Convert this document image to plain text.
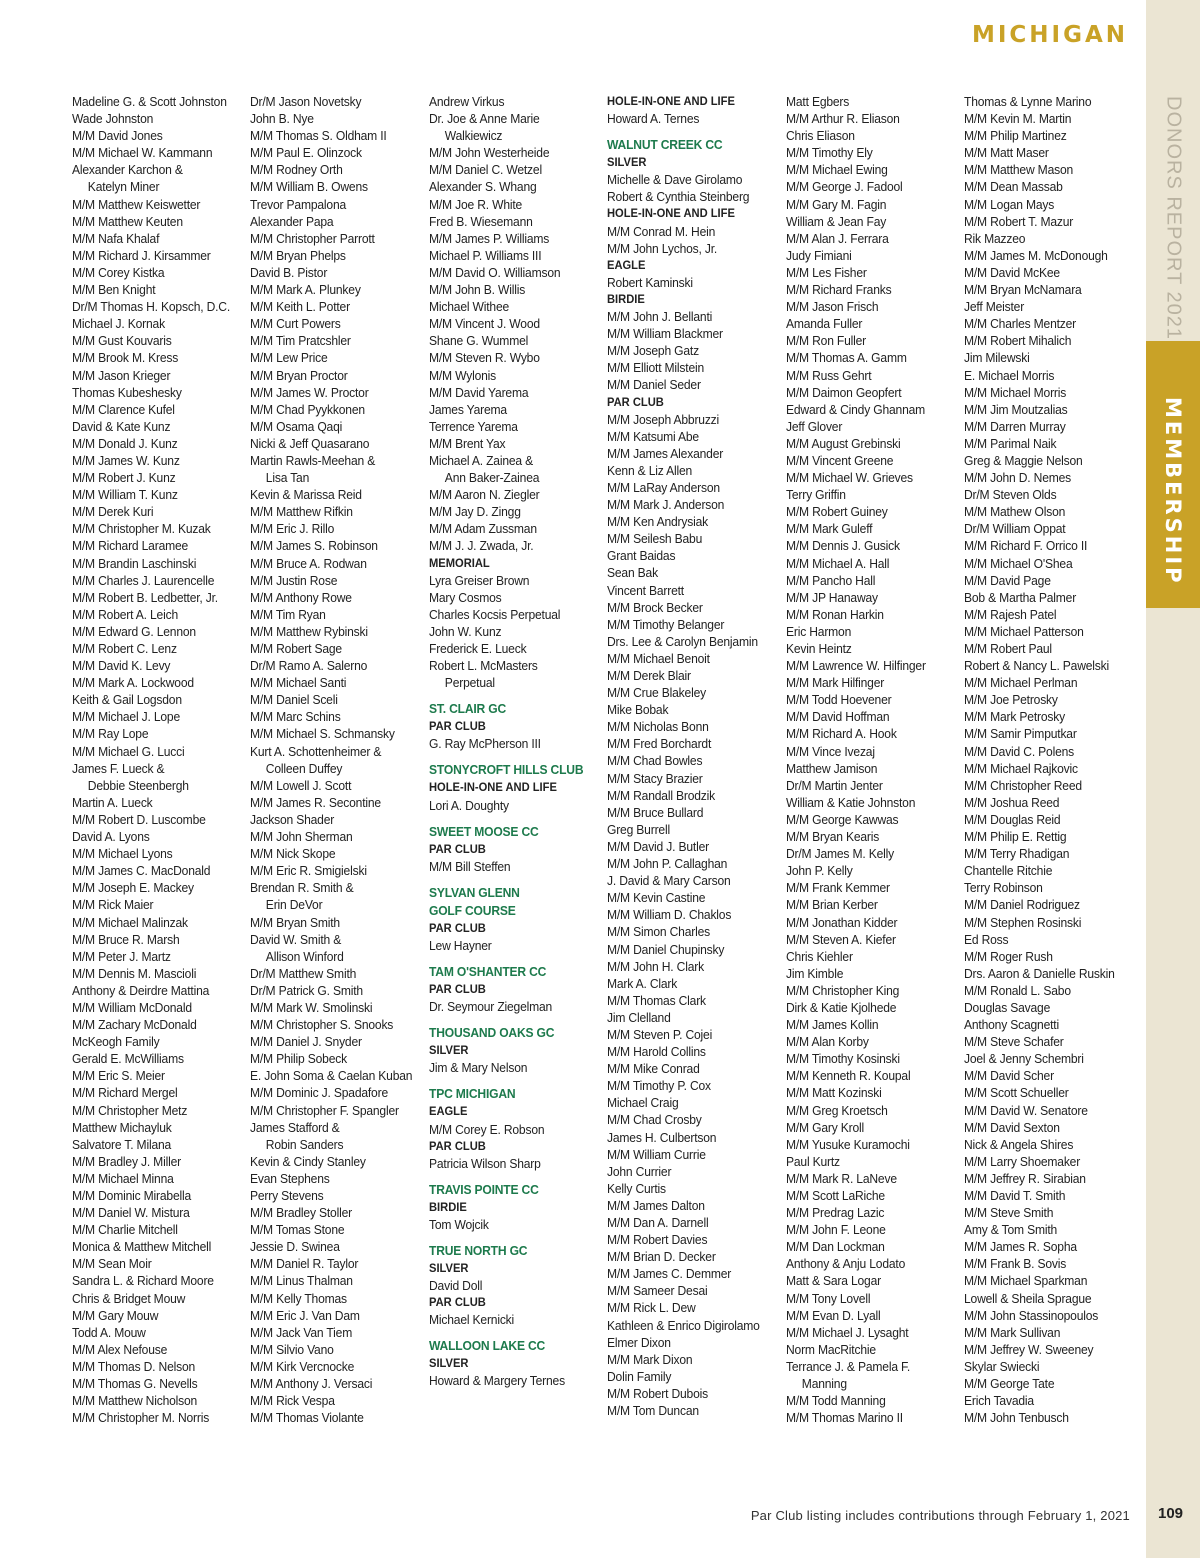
MICHIGAN
DONORS REPORT 2021
MEMBERSHIP
Madeline G. & Scott Johnston
Wade Johnston
M/M David Jones
M/M Michael W. Kammann
Alexander Karchon &
Katelyn Miner
M/M Matthew Keiswetter
M/M Matthew Keuten
M/M Nafa Khalaf
M/M Richard J. Kirsammer
M/M Corey Kistka
M/M Ben Knight
Dr/M Thomas H. Kopsch, D.C.
Michael J. Kornak
M/M Gust Kouvaris
M/M Brook M. Kress
M/M Jason Krieger
Thomas Kubeshesky
M/M Clarence Kufel
David & Kate Kunz
M/M Donald J. Kunz
M/M James W. Kunz
M/M Robert J. Kunz
M/M William T. Kunz
M/M Derek Kuri
M/M Christopher M. Kuzak
M/M Richard Laramee
M/M Brandin Laschinski
M/M Charles J. Laurencelle
M/M Robert B. Ledbetter, Jr.
M/M Robert A. Leich
M/M Edward G. Lennon
M/M Robert C. Lenz
M/M David K. Levy
M/M Mark A. Lockwood
Keith & Gail Logsdon
M/M Michael J. Lope
M/M Ray Lope
M/M Michael G. Lucci
James F. Lueck &
Debbie Steenbergh
Martin A. Lueck
M/M Robert D. Luscombe
David A. Lyons
M/M Michael Lyons
M/M James C. MacDonald
M/M Joseph E. Mackey
M/M Rick Maier
M/M Michael Malinzak
M/M Bruce R. Marsh
M/M Peter J. Martz
M/M Dennis M. Mascioli
Anthony & Deirdre Mattina
M/M William McDonald
M/M Zachary McDonald
McKeogh Family
Gerald E. McWilliams
M/M Eric S. Meier
M/M Richard Mergel
M/M Christopher Metz
Matthew Michayluk
Salvatore T. Milana
M/M Bradley J. Miller
M/M Michael Minna
M/M Dominic Mirabella
M/M Daniel W. Mistura
M/M Charlie Mitchell
Monica & Matthew Mitchell
M/M Sean Moir
Sandra L. & Richard Moore
Chris & Bridget Mouw
M/M Gary Mouw
Todd A. Mouw
M/M Alex Nefouse
M/M Thomas D. Nelson
M/M Thomas G. Nevells
M/M Matthew Nicholson
M/M Christopher M. Norris
Dr/M Jason Novetsky
John B. Nye
M/M Thomas S. Oldham II
M/M Paul E. Olinzock
M/M Rodney Orth
M/M William B. Owens
Trevor Pampalona
Alexander Papa
M/M Christopher Parrott
M/M Bryan Phelps
David B. Pistor
M/M Mark A. Plunkey
M/M Keith L. Potter
M/M Curt Powers
M/M Tim Pratcshler
M/M Lew Price
M/M Bryan Proctor
M/M James W. Proctor
M/M Chad Pyykkonen
M/M Osama Qaqi
Nicki & Jeff Quasarano
Martin Rawls-Meehan &
Lisa Tan
Kevin & Marissa Reid
M/M Matthew Rifkin
M/M Eric J. Rillo
M/M James S. Robinson
M/M Bruce A. Rodwan
M/M Justin Rose
M/M Anthony Rowe
M/M Tim Ryan
M/M Matthew Rybinski
M/M Robert Sage
Dr/M Ramo A. Salerno
M/M Michael Santi
M/M Daniel Sceli
M/M Marc Schins
M/M Michael S. Schmansky
Kurt A. Schottenheimer &
Colleen Duffey
M/M Lowell J. Scott
M/M James R. Secontine
Jackson Shader
M/M John Sherman
M/M Nick Skope
M/M Eric R. Smigielski
Brendan R. Smith &
Erin DeVor
M/M Bryan Smith
David W. Smith &
Allison Winford
Dr/M Matthew Smith
Dr/M Patrick G. Smith
M/M Mark W. Smolinski
M/M Christopher S. Snooks
M/M Daniel J. Snyder
M/M Philip Sobeck
E. John Soma & Caelan Kuban
M/M Dominic J. Spadafore
M/M Christopher F. Spangler
James Stafford &
Robin Sanders
Kevin & Cindy Stanley
Evan Stephens
Perry Stevens
M/M Bradley Stoller
M/M Tomas Stone
Jessie D. Swinea
M/M Daniel R. Taylor
M/M Linus Thalman
M/M Kelly Thomas
M/M Eric J. Van Dam
M/M Jack Van Tiem
M/M Silvio Vano
M/M Kirk Vercnocke
M/M Anthony J. Versaci
M/M Rick Vespa
M/M Thomas Violante
Andrew Virkus
Dr. Joe & Anne Marie
Walkiewicz
M/M John Westerheide
M/M Daniel C. Wetzel
Alexander S. Whang
M/M Joe R. White
Fred B. Wiesemann
M/M James P. Williams
Michael P. Williams III
M/M David O. Williamson
M/M John B. Willis
Michael Withee
M/M Vincent J. Wood
Shane G. Wummel
M/M Steven R. Wybo
M/M Wylonis
M/M David Yarema
James Yarema
Terrence Yarema
M/M Brent Yax
Michael A. Zainea &
Ann Baker-Zainea
M/M Aaron N. Ziegler
M/M Jay D. Zingg
M/M Adam Zussman
M/M J. J. Zwada, Jr.
MEMORIAL
Lyra Greiser Brown
Mary Cosmos
Charles Kocsis Perpetual
John W. Kunz
Frederick E. Lueck
Robert L. McMasters
Perpetual
ST. CLAIR GC
PAR CLUB
G. Ray McPherson III
STONYCROFT HILLS CLUB
HOLE-IN-ONE AND LIFE
Lori A. Doughty
SWEET MOOSE CC
PAR CLUB
M/M Bill Steffen
SYLVAN GLENN
GOLF COURSE
PAR CLUB
Lew Hayner
TAM O'SHANTER CC
PAR CLUB
Dr. Seymour Ziegelman
THOUSAND OAKS GC
SILVER
Jim & Mary Nelson
TPC MICHIGAN
EAGLE
M/M Corey E. Robson
PAR CLUB
Patricia Wilson Sharp
TRAVIS POINTE CC
BIRDIE
Tom Wojcik
TRUE NORTH GC
SILVER
David Doll
PAR CLUB
Michael Kernicki
WALLOON LAKE CC
SILVER
Howard & Margery Ternes
HOLE-IN-ONE AND LIFE
Howard A. Ternes
WALNUT CREEK CC
SILVER
Michelle & Dave Girolamo
Robert & Cynthia Steinberg
HOLE-IN-ONE AND LIFE
M/M Conrad M. Hein
M/M John Lychos, Jr.
EAGLE
Robert Kaminski
BIRDIE
M/M John J. Bellanti
M/M William Blackmer
M/M Joseph Gatz
M/M Elliott Milstein
M/M Daniel Seder
PAR CLUB
M/M Joseph Abbruzzi
M/M Katsumi Abe
M/M James Alexander
Kenn & Liz Allen
M/M LaRay Anderson
M/M Mark J. Anderson
M/M Ken Andrysiak
M/M Seilesh Babu
Grant Baidas
Sean Bak
Vincent Barrett
M/M Brock Becker
M/M Timothy Belanger
Drs. Lee & Carolyn Benjamin
M/M Michael Benoit
M/M Derek Blair
M/M Crue Blakeley
Mike Bobak
M/M Nicholas Bonn
M/M Fred Borchardt
M/M Chad Bowles
M/M Stacy Brazier
M/M Randall Brodzik
M/M Bruce Bullard
Greg Burrell
M/M David J. Butler
M/M John P. Callaghan
J. David & Mary Carson
M/M Kevin Castine
M/M William D. Chaklos
M/M Simon Charles
M/M Daniel Chupinsky
M/M John H. Clark
Mark A. Clark
M/M Thomas Clark
Jim Clelland
M/M Steven P. Cojei
M/M Harold Collins
M/M Mike Conrad
M/M Timothy P. Cox
Michael Craig
M/M Chad Crosby
James H. Culbertson
M/M William Currie
John Currier
Kelly Curtis
M/M James Dalton
M/M Dan A. Darnell
M/M Robert Davies
M/M Brian D. Decker
M/M James C. Demmer
M/M Sameer Desai
M/M Rick L. Dew
Kathleen & Enrico Digirolamo
Elmer Dixon
M/M Mark Dixon
Dolin Family
M/M Robert Dubois
M/M Tom Duncan
Matt Egbers
M/M Arthur R. Eliason
Chris Eliason
M/M Timothy Ely
M/M Michael Ewing
M/M George J. Fadool
M/M Gary M. Fagin
William & Jean Fay
M/M Alan J. Ferrara
Judy Fimiani
M/M Les Fisher
M/M Richard Franks
M/M Jason Frisch
Amanda Fuller
M/M Ron Fuller
M/M Thomas A. Gamm
M/M Russ Gehrt
M/M Daimon Geopfert
Edward & Cindy Ghannam
Jeff Glover
M/M August Grebinski
M/M Vincent Greene
M/M Michael W. Grieves
Terry Griffin
M/M Robert Guiney
M/M Mark Guleff
M/M Dennis J. Gusick
M/M Michael A. Hall
M/M Pancho Hall
M/M JP Hanaway
M/M Ronan Harkin
Eric Harmon
Kevin Heintz
M/M Lawrence W. Hilfinger
M/M Mark Hilfinger
M/M Todd Hoevener
M/M David Hoffman
M/M Richard A. Hook
M/M Vince Ivezaj
Matthew Jamison
Dr/M Martin Jenter
William & Katie Johnston
M/M George Kawwas
M/M Bryan Kearis
Dr/M James M. Kelly
John P. Kelly
M/M Frank Kemmer
M/M Brian Kerber
M/M Jonathan Kidder
M/M Steven A. Kiefer
Chris Kiehler
Jim Kimble
M/M Christopher King
Dirk & Katie Kjolhede
M/M James Kollin
M/M Alan Korby
M/M Timothy Kosinski
M/M Kenneth R. Koupal
M/M Matt Kozinski
M/M Greg Kroetsch
M/M Gary Kroll
M/M Yusuke Kuramochi
Paul Kurtz
M/M Mark R. LaNeve
M/M Scott LaRiche
M/M Predrag Lazic
M/M John F. Leone
M/M Dan Lockman
Anthony & Anju Lodato
Matt & Sara Logar
M/M Tony Lovell
M/M Evan D. Lyall
M/M Michael J. Lysaght
Norm MacRitchie
Terrance J. & Pamela F.
Manning
M/M Todd Manning
M/M Thomas Marino II
Thomas & Lynne Marino
M/M Kevin M. Martin
M/M Philip Martinez
M/M Matt Maser
M/M Matthew Mason
M/M Dean Massab
M/M Logan Mays
M/M Robert T. Mazur
Rik Mazzeo
M/M James M. McDonough
M/M David McKee
M/M Bryan McNamara
Jeff Meister
M/M Charles Mentzer
M/M Robert Mihalich
Jim Milewski
E. Michael Morris
M/M Michael Morris
M/M Jim Moutzalias
M/M Darren Murray
M/M Parimal Naik
Greg & Maggie Nelson
M/M John D. Nemes
Dr/M Steven Olds
M/M Mathew Olson
Dr/M William Oppat
M/M Richard F. Orrico II
M/M Michael O'Shea
M/M David Page
Bob & Martha Palmer
M/M Rajesh Patel
M/M Michael Patterson
M/M Robert Paul
Robert & Nancy L. Pawelski
M/M Michael Perlman
M/M Joe Petrosky
M/M Mark Petrosky
M/M Samir Pimputkar
M/M David C. Polens
M/M Michael Rajkovic
M/M Christopher Reed
M/M Joshua Reed
M/M Douglas Reid
M/M Philip E. Rettig
M/M Terry Rhadigan
Chantelle Ritchie
Terry Robinson
M/M Daniel Rodriguez
M/M Stephen Rosinski
Ed Ross
M/M Roger Rush
Drs. Aaron & Danielle Ruskin
M/M Ronald L. Sabo
Douglas Savage
Anthony Scagnetti
M/M Steve Schafer
Joel & Jenny Schembri
M/M David Scher
M/M Scott Schueller
M/M David W. Senatore
M/M David Sexton
Nick & Angela Shires
M/M Larry Shoemaker
M/M Jeffrey R. Sirabian
M/M David T. Smith
M/M Steve Smith
Amy & Tom Smith
M/M James R. Sopha
M/M Frank B. Sovis
M/M Michael Sparkman
Lowell & Sheila Sprague
M/M John Stassinopoulos
M/M Mark Sullivan
M/M Jeffrey W. Sweeney
Skylar Swiecki
M/M George Tate
Erich Tavadia
M/M John Tenbusch
Par Club listing includes contributions through February 1, 2021 109
